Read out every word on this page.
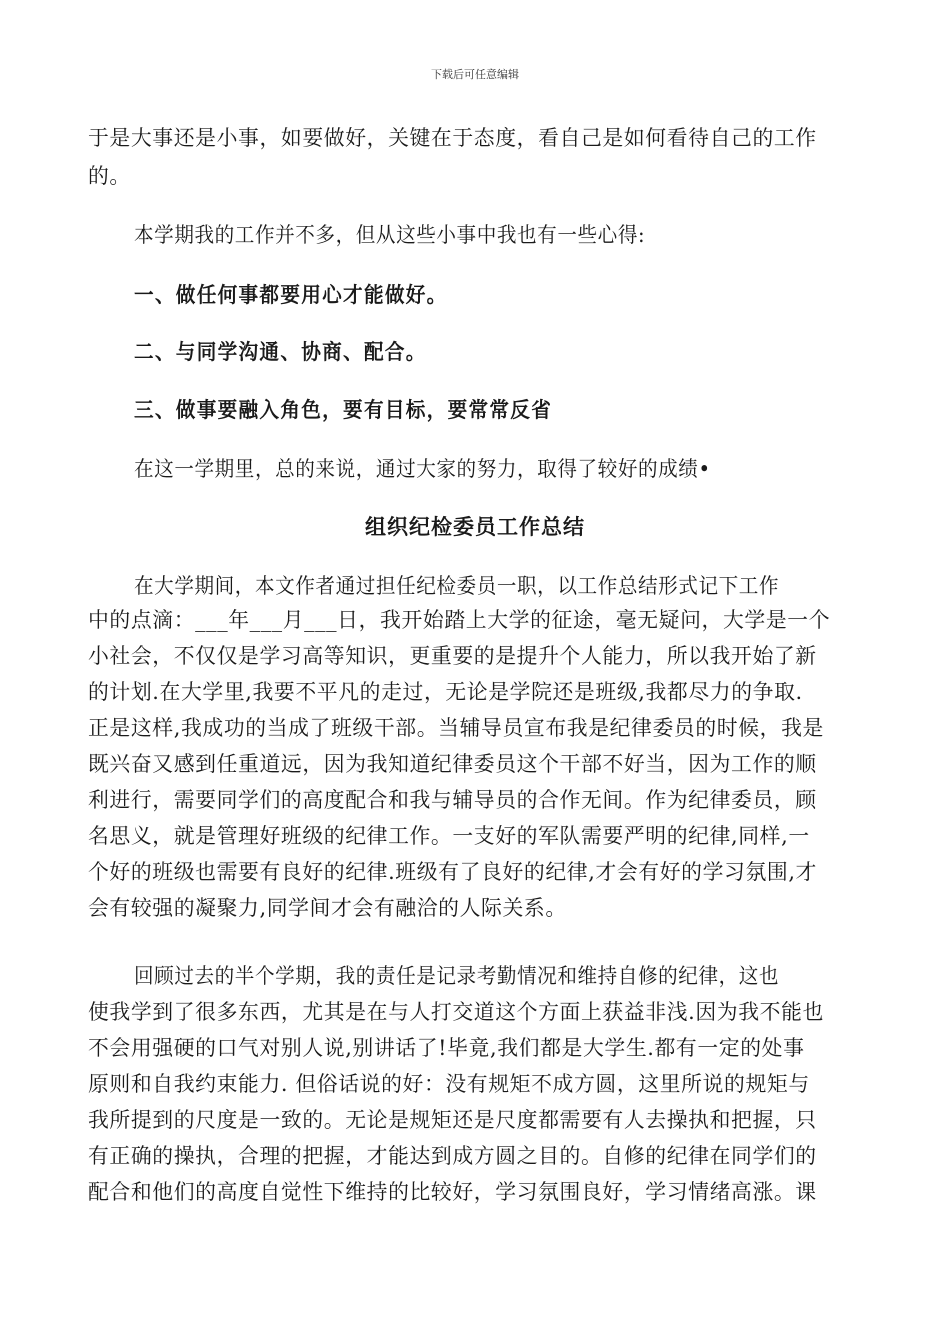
下载后可任意编辑
于是大事还是小事，如要做好，关键在于态度，看自己是如何看待自己的工作
的。
本学期我的工作并不多，但从这些小事中我也有一些心得:
一、做任何事都要用心才能做好。
二、与同学沟通、协商、配合。
三、做事要融入角色，要有目标，要常常反省
在这一学期里，总的来说，通过大家的努力，取得了较好的成绩•
组织纪检委员工作总结
在大学期间，本文作者通过担任纪检委员一职，以工作总结形式记下工作
中的点滴：___年___月___日，我开始踏上大学的征途，毫无疑问，大学是一个
小社会，不仅仅是学习高等知识，更重要的是提升个人能力，所以我开始了新
的计划.在大学里,我要不平凡的走过，无论是学院还是班级,我都尽力的争取.
正是这样,我成功的当成了班级干部。当辅导员宣布我是纪律委员的时候，我是
既兴奋又感到任重道远，因为我知道纪律委员这个干部不好当，因为工作的顺
利进行，需要同学们的高度配合和我与辅导员的合作无间。作为纪律委员，顾
名思义，就是管理好班级的纪律工作。一支好的军队需要严明的纪律,同样,一
个好的班级也需要有良好的纪律.班级有了良好的纪律,才会有好的学习氛围,才
会有较强的凝聚力,同学间才会有融洽的人际关系。
回顾过去的半个学期，我的责任是记录考勤情况和维持自修的纪律，这也
使我学到了很多东西，尤其是在与人打交道这个方面上获益非浅.因为我不能也
不会用强硬的口气对别人说,别讲话了!毕竟,我们都是大学生.都有一定的处事
原则和自我约束能力. 但俗话说的好：没有规矩不成方圆，这里所说的规矩与
我所提到的尺度是一致的。无论是规矩还是尺度都需要有人去操执和把握，只
有正确的操执，合理的把握，才能达到成方圆之目的。自修的纪律在同学们的
配合和他们的高度自觉性下维持的比较好，学习氛围良好，学习情绪高涨。课
